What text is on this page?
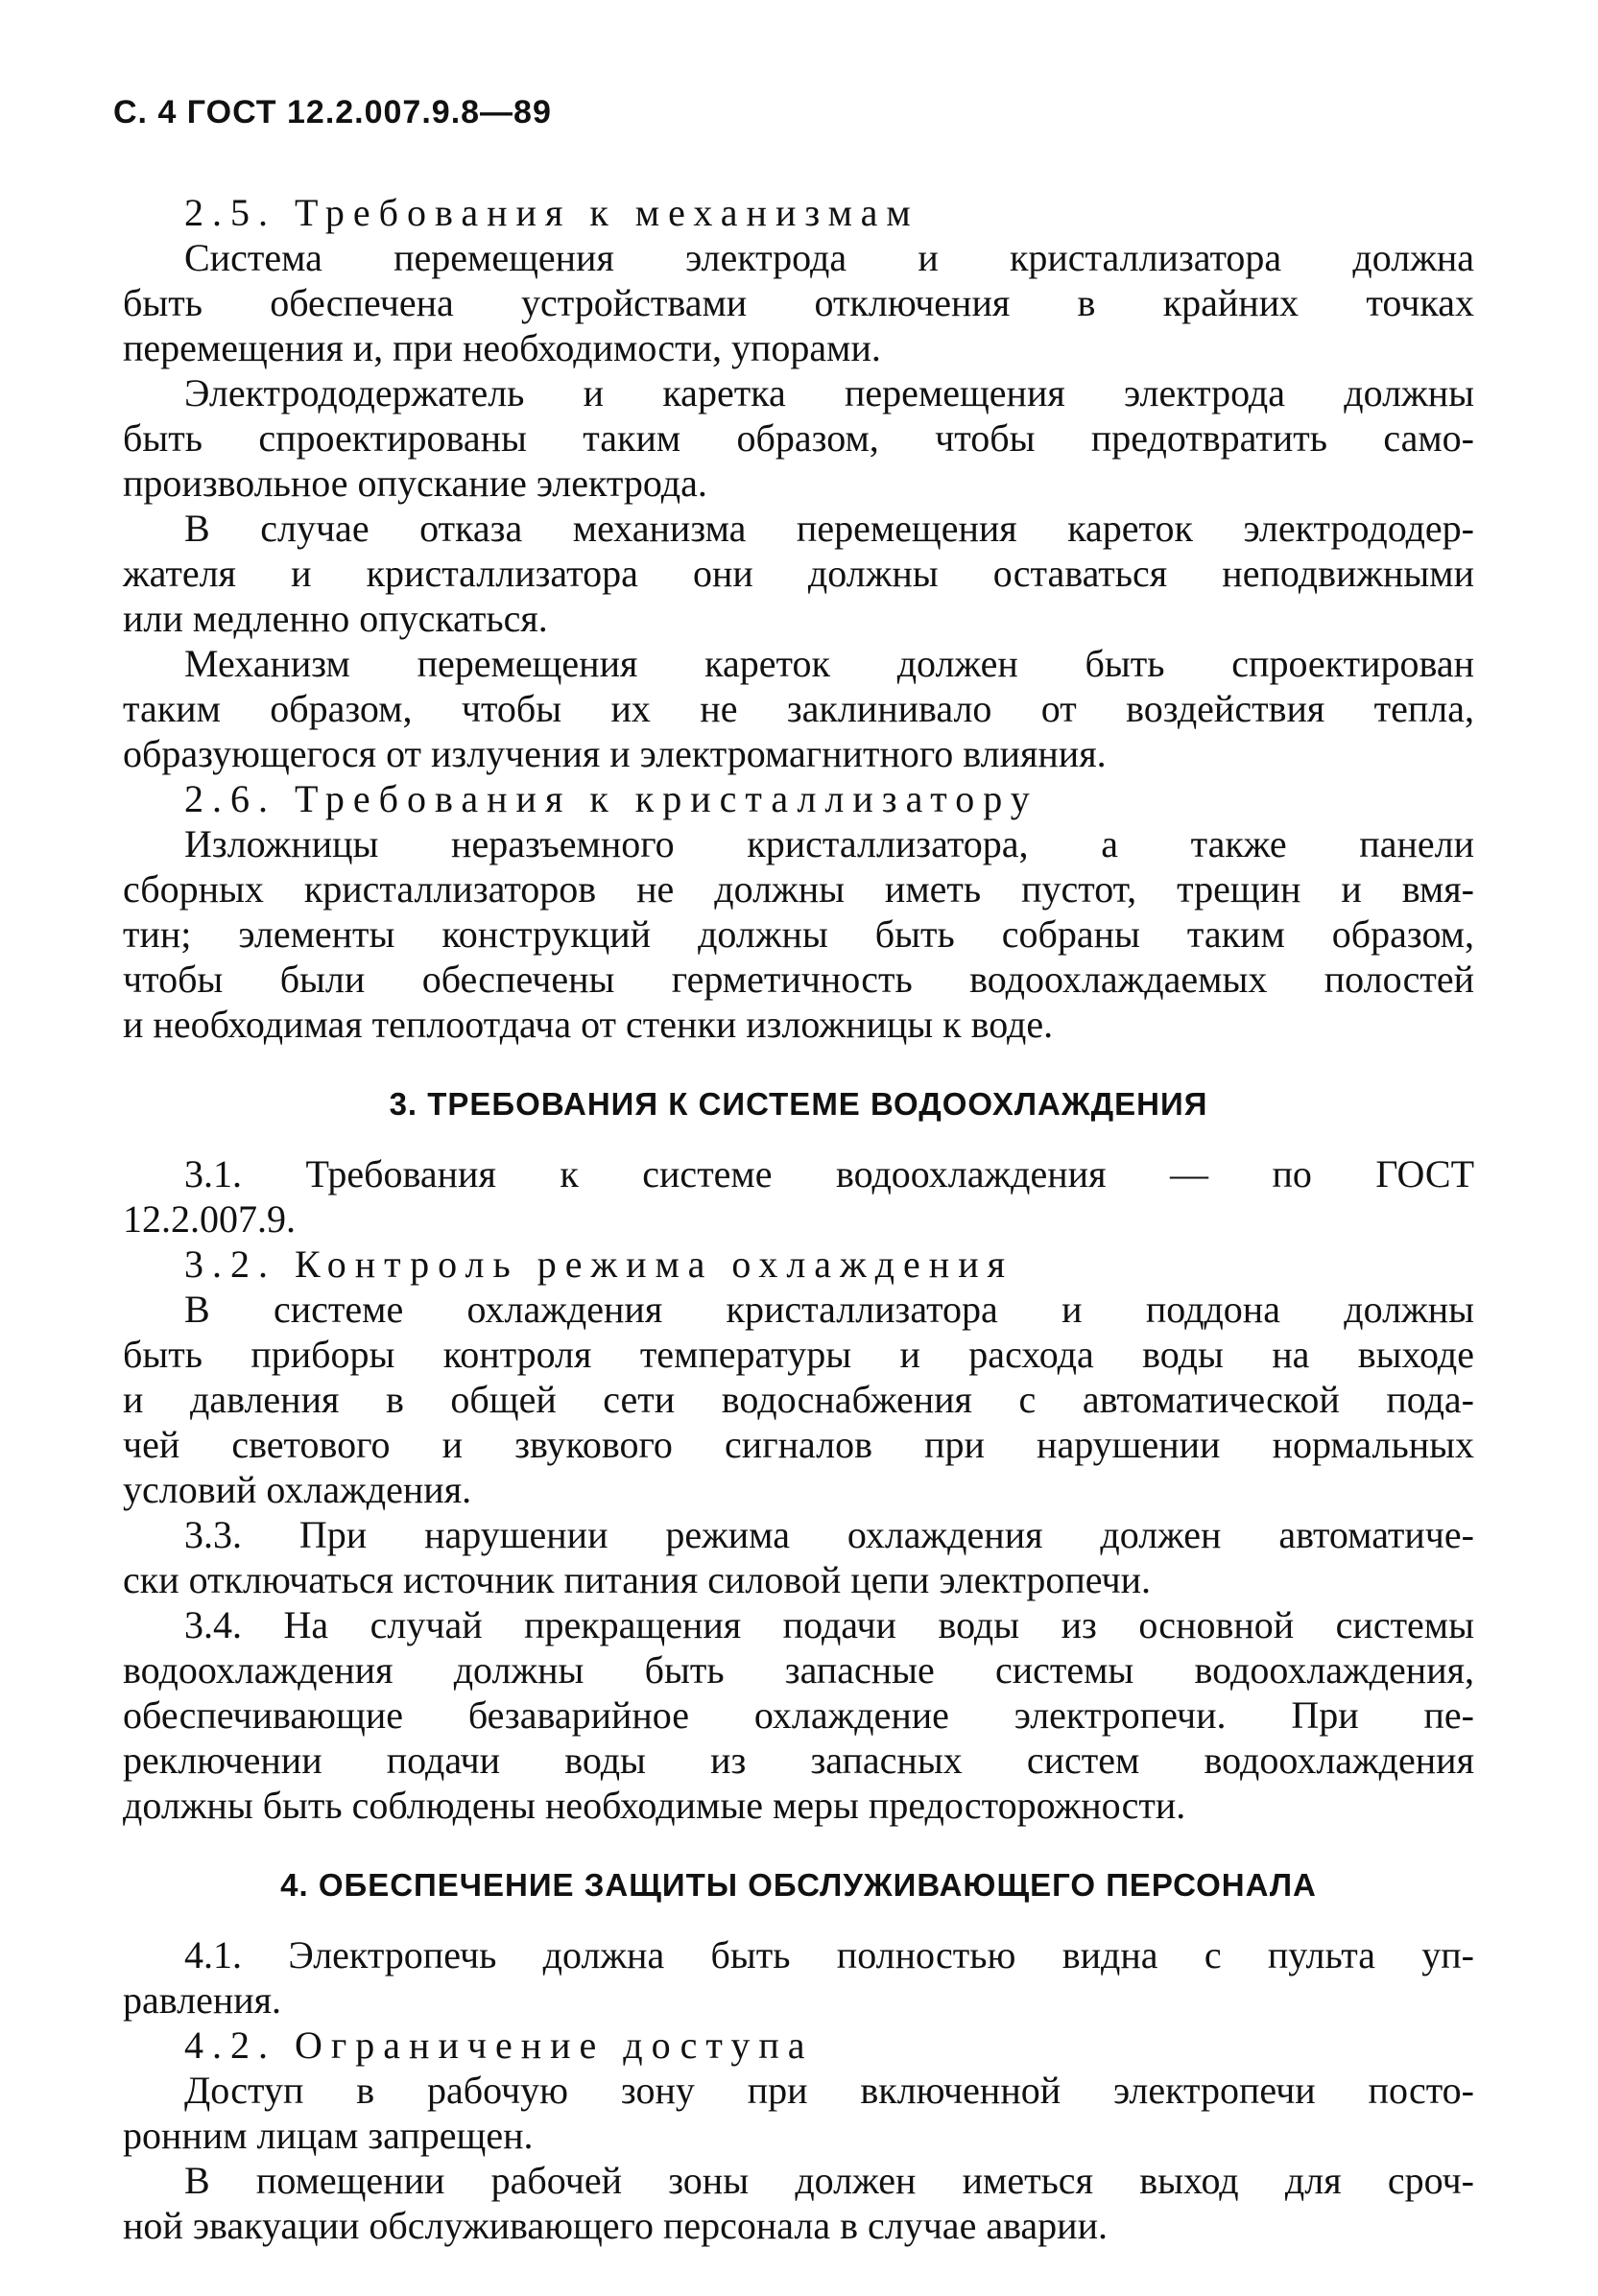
С. 4 ГОСТ 12.2.007.9.8—89
2.5. Требования к механизмам
Система перемещения электрода и кристаллизатора должна
быть обеспечена устройствами отключения в крайних точках
перемещения и, при необходимости, упорами.
Электрододержатель и каретка перемещения электрода должны
быть спроектированы таким образом, чтобы предотвратить само-
произвольное опускание электрода.
В случае отказа механизма перемещения кареток электрододер-
жателя и кристаллизатора они должны оставаться неподвижными
или медленно опускаться.
Механизм перемещения кареток должен быть спроектирован
таким образом, чтобы их не заклинивало от воздействия тепла,
образующегося от излучения и электромагнитного влияния.
2.6. Требования к кристаллизатору
Изложницы неразъемного кристаллизатора, а также панели
сборных кристаллизаторов не должны иметь пустот, трещин и вмя-
тин; элементы конструкций должны быть собраны таким образом,
чтобы были обеспечены герметичность водоохлаждаемых полостей
и необходимая теплоотдача от стенки изложницы к воде.
3. ТРЕБОВАНИЯ К СИСТЕМЕ ВОДООХЛАЖДЕНИЯ
3.1. Требования к системе водоохлаждения — по ГОСТ
12.2.007.9.
3.2. Контроль режима охлаждения
В системе охлаждения кристаллизатора и поддона должны
быть приборы контроля температуры и расхода воды на выходе
и давления в общей сети водоснабжения с автоматической пода-
чей светового и звукового сигналов при нарушении нормальных
условий охлаждения.
3.3. При нарушении режима охлаждения должен автоматиче-
ски отключаться источник питания силовой цепи электропечи.
3.4. На случай прекращения подачи воды из основной системы
водоохлаждения должны быть запасные системы водоохлаждения,
обеспечивающие безаварийное охлаждение электропечи. При пе-
реключении подачи воды из запасных систем водоохлаждения
должны быть соблюдены необходимые меры предосторожности.
4. ОБЕСПЕЧЕНИЕ ЗАЩИТЫ ОБСЛУЖИВАЮЩЕГО ПЕРСОНАЛА
4.1. Электропечь должна быть полностью видна с пульта уп-
равления.
4.2. Ограничение доступа
Доступ в рабочую зону при включенной электропечи посто-
ронним лицам запрещен.
В помещении рабочей зоны должен иметься выход для сроч-
ной эвакуации обслуживающего персонала в случае аварии.
